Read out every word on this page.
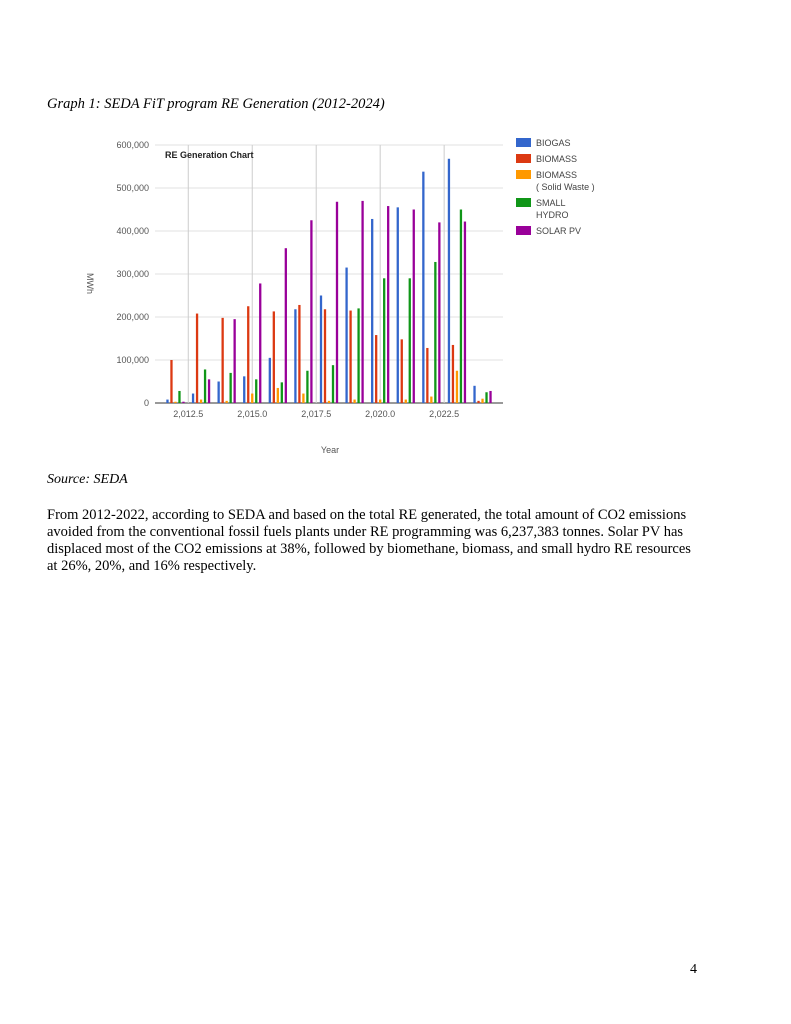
Graph 1: SEDA FiT program RE Generation (2012-2024)
0
100,000
200,000
300,000
400,000
500,000
600,000
2,012.5	2,015.0	2,017.5	2,020.0	2,022.5
BIOGAS
BIOMASS
BIOMASS
( Solid Waste )
SMALL
HYDRO
SOLAR PV
RE Generation Chart
MWh
Year
Source: SEDA
From 2012-2022, according to SEDA and based on the total RE generated, the total amount of CO2 emissions avoided from the conventional fossil fuels plants under RE programming was 6,237,383 tonnes. Solar PV has displaced most of the CO2 emissions at 38%, followed by biomethane, biomass, and small hydro RE resources at 26%, 20%, and 16% respectively.
4
